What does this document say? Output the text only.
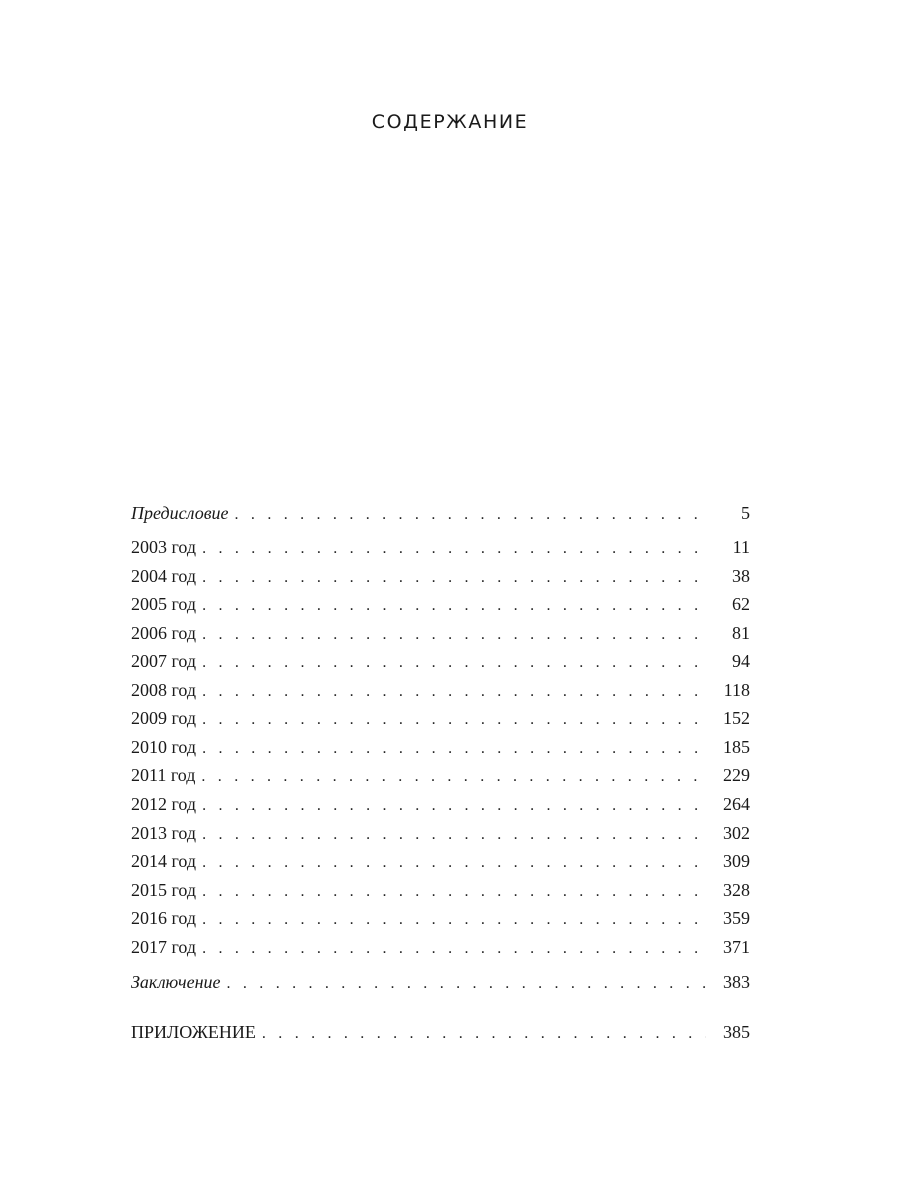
СОДЕРЖАНИЕ
Предисловие . . .	5
2003 год . . .	11
2004 год . . .	38
2005 год . . .	62
2006 год . . .	81
2007 год . . .	94
2008 год . . .	118
2009 год . . .	152
2010 год . . .	185
2011 год . . .	229
2012 год . . .	264
2013 год . . .	302
2014 год . . .	309
2015 год . . .	328
2016 год . . .	359
2017 год . . .	371
Заключение . . .	383
ПРИЛОЖЕНИЕ . . .	385
